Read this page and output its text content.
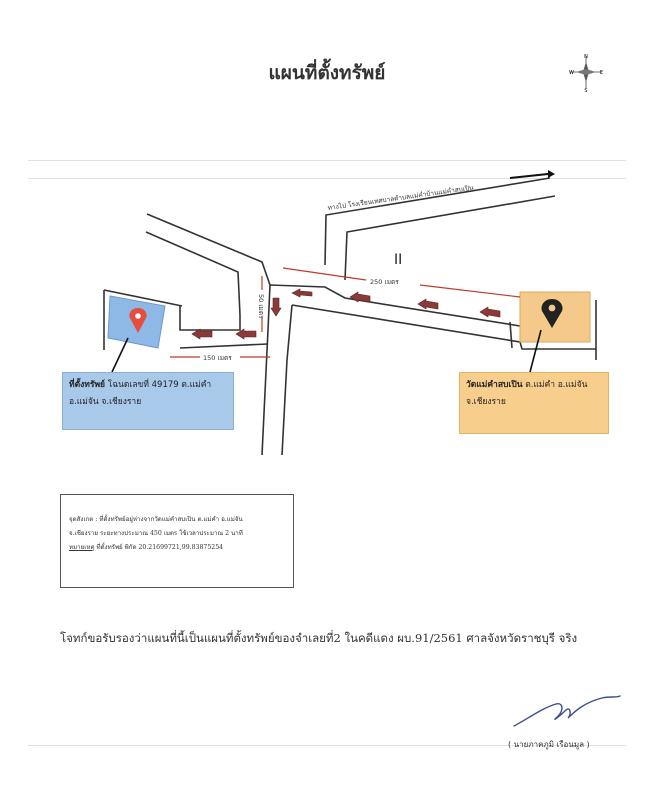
แผนที่ตั้งทรัพย์
N
E
S
W
II
ทางไป โรงเรียนเทศบาลตำบลแม่คำบ้านแม่คำสบเปิน
250 เมตร
50 เมตร
150 เมตร
ที่ตั้งทรัพย์ โฉนดเลขที่ 49179 ต.แม่คำ
อ.แม่จัน จ.เชียงราย
วัดแม่คำสบเปิน ต.แม่คำ อ.แม่จัน
จ.เชียงราย
จุดสังเกต : ที่ตั้งทรัพย์อยู่ห่างจากวัดแม่คำสบเปิน ต.แม่คำ อ.แม่จัน
จ.เชียงราย ระยะทางประมาณ 450 เมตร ใช้เวลาประมาณ 2 นาที
หมายเหตุ ที่ตั้งทรัพย์ พิกัด 20.21699721,99.83875254
โจทก์ขอรับรองว่าแผนที่นี้เป็นแผนที่ตั้งทรัพย์ของจำเลยที่2 ในคดีแดง ผบ.91/2561 ศาลจังหวัดราชบุรี จริง
( นายภาคภูมิ เรือนมูล )
